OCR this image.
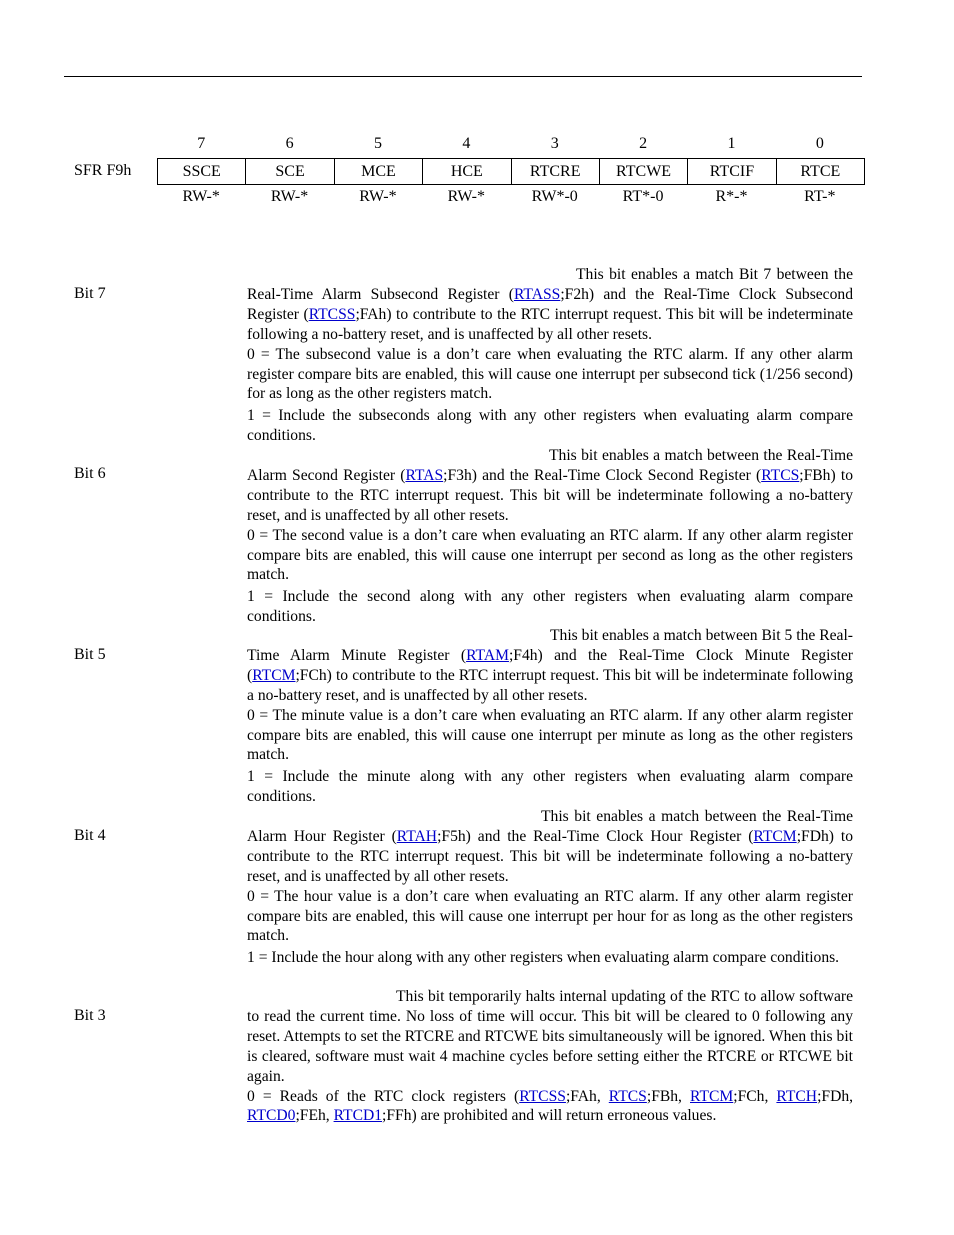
SFR F9h
7	6	5	4	3	2	1	0
SSCE	SCE	MCE	HCE	RTCRE	RTCWE	RTCIF	RTCE
RW-*	RW-*	RW-*	RW-*	RW*-0	RT*-0	R*-*	RT-*
Bit 7

This bit enables a match Bit 7 between the Real-Time Alarm Subsecond Register (RTASS;F2h) and the Real-Time Clock Subsecond Register (RTCSS;FAh) to contribute to the RTC interrupt request. This bit will be indeterminate following a no-battery reset, and is unaffected by all other resets.

0 = The subsecond value is a don’t care when evaluating the RTC alarm. If any other alarm register compare bits are enabled, this will cause one interrupt per subsecond tick (1/256 second) for as long as the other registers match.

1 = Include the subseconds along with any other registers when evaluating alarm compare conditions.

Bit 6

This bit enables a match between the Real-Time Alarm Second Register (RTAS;F3h) and the Real-Time Clock Second Register (RTCS;FBh) to contribute to the RTC interrupt request. This bit will be indeterminate following a no-battery reset, and is unaffected by all other resets.

0 = The second value is a don’t care when evaluating an RTC alarm. If any other alarm register compare bits are enabled, this will cause one interrupt per second as long as the other registers match.

1 = Include the second along with any other registers when evaluating alarm compare conditions.

Bit 5

This bit enables a match between Bit 5 the Real-Time Alarm Minute Register (RTAM;F4h) and the Real-Time Clock Minute Register (RTCM;FCh) to contribute to the RTC interrupt request. This bit will be indeterminate following a no-battery reset, and is unaffected by all other resets.

0 = The minute value is a don’t care when evaluating an RTC alarm. If any other alarm register compare bits are enabled, this will cause one interrupt per minute as long as the other registers match.

1 = Include the minute along with any other registers when evaluating alarm compare conditions.

Bit 4

This bit enables a match between the Real-Time Alarm Hour Register (RTAH;F5h) and the Real-Time Clock Hour Register (RTCM;FDh) to contribute to the RTC interrupt request. This bit will be indeterminate following a no-battery reset, and is unaffected by all other resets.

0 = The hour value is a don’t care when evaluating an RTC alarm. If any other alarm register compare bits are enabled, this will cause one interrupt per hour for as long as the other registers match.

1 = Include the hour along with any other registers when evaluating alarm compare conditions.

Bit 3

This bit temporarily halts internal updating of the RTC to allow software to read the current time. No loss of time will occur. This bit will be cleared to 0 following any reset. Attempts to set the RTCRE and RTCWE bits simultaneously will be ignored. When this bit is cleared, software must wait 4 machine cycles before setting either the RTCRE or RTCWE bit again.

0 = Reads of the RTC clock registers (RTCSS;FAh, RTCS;FBh, RTCM;FCh, RTCH;FDh, RTCD0;FEh, RTCD1;FFh) are prohibited and will return erroneous values.
